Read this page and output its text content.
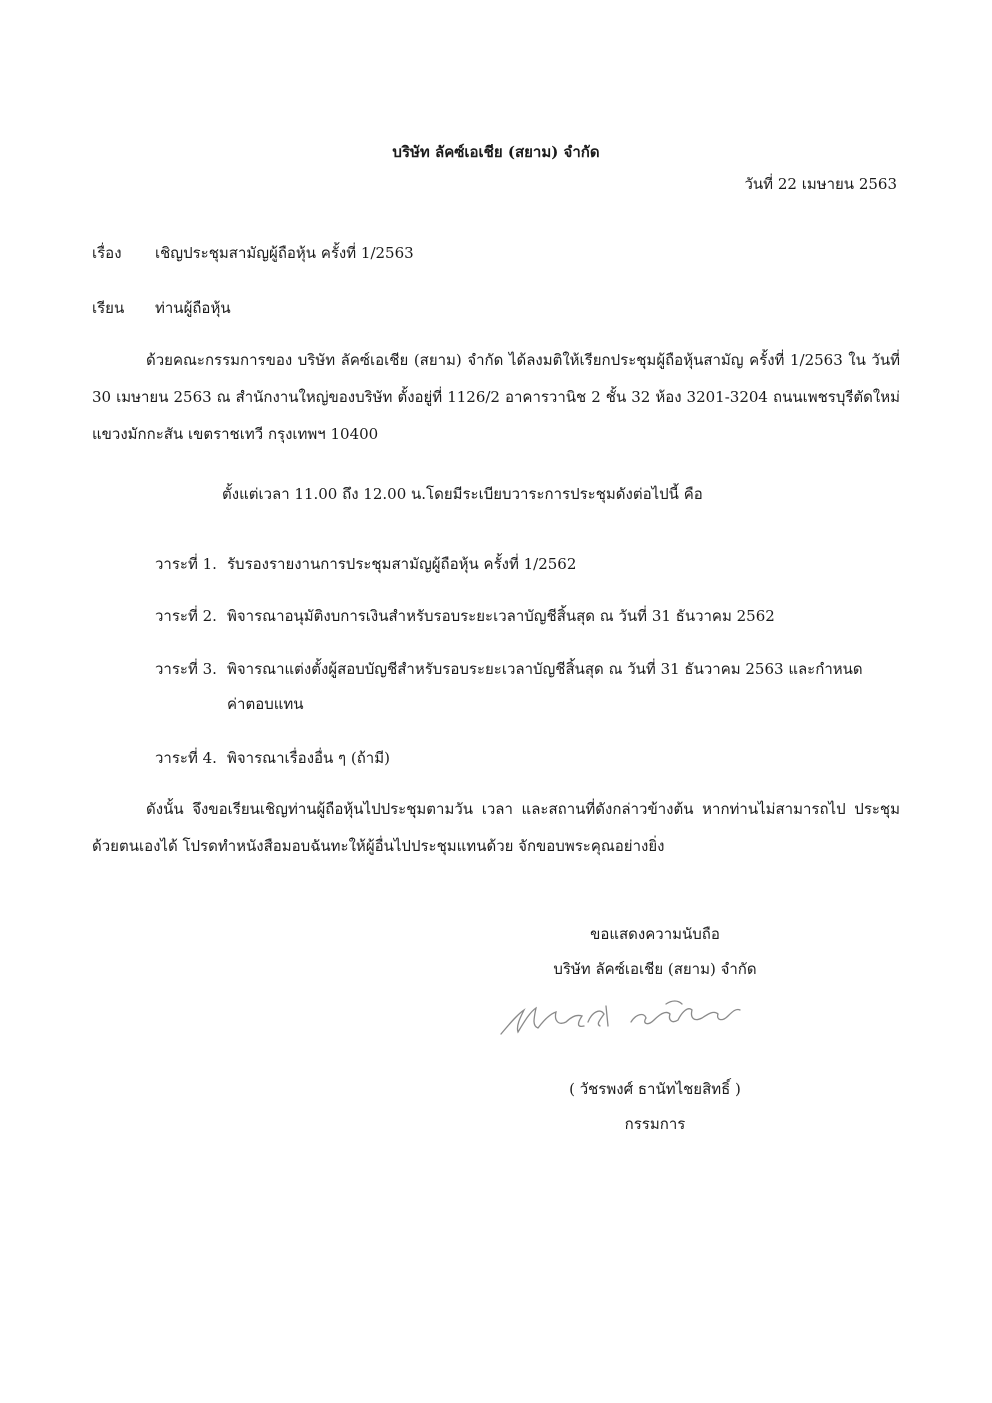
บริษัท ลัคซ์เอเชีย (สยาม) จำกัด
วันที่ 22 เมษายน 2563
เรื่อง เชิญประชุมสามัญผู้ถือหุ้น ครั้งที่ 1/2563
เรียน ท่านผู้ถือหุ้น
ด้วยคณะกรรมการของ บริษัท ลัคซ์เอเชีย (สยาม) จำกัด ได้ลงมติให้เรียกประชุมผู้ถือหุ้นสามัญ ครั้งที่ 1/2563 ใน วันที่ 30 เมษายน 2563 ณ สำนักงานใหญ่ของบริษัท ตั้งอยู่ที่ 1126/2 อาคารวานิช 2 ชั้น 32 ห้อง 3201-3204 ถนนเพชรบุรีตัดใหม่ แขวงมักกะสัน เขตราชเทวี กรุงเทพฯ 10400
ตั้งแต่เวลา 11.00 ถึง 12.00 น.โดยมีระเบียบวาระการประชุมดังต่อไปนี้ คือ
วาระที่ 1. รับรองรายงานการประชุมสามัญผู้ถือหุ้น ครั้งที่ 1/2562
วาระที่ 2. พิจารณาอนุมัติงบการเงินสำหรับรอบระยะเวลาบัญชีสิ้นสุด ณ วันที่ 31 ธันวาคม 2562
วาระที่ 3. พิจารณาแต่งตั้งผู้สอบบัญชีสำหรับรอบระยะเวลาบัญชีสิ้นสุด ณ วันที่ 31 ธันวาคม 2563 และกำหนด
ค่าตอบแทน
วาระที่ 4. พิจารณาเรื่องอื่น ๆ (ถ้ามี)
ดังนั้น จึงขอเรียนเชิญท่านผู้ถือหุ้นไปประชุมตามวัน เวลา และสถานที่ดังกล่าวข้างต้น หากท่านไม่สามารถไป ประชุมด้วยตนเองได้ โปรดทำหนังสือมอบฉันทะให้ผู้อื่นไปประชุมแทนด้วย จักขอบพระคุณอย่างยิ่ง
ขอแสดงความนับถือ
บริษัท ลัคซ์เอเชีย (สยาม) จำกัด
( วัชรพงศ์ ธานัทไชยสิทธิ์ )
กรรมการ
